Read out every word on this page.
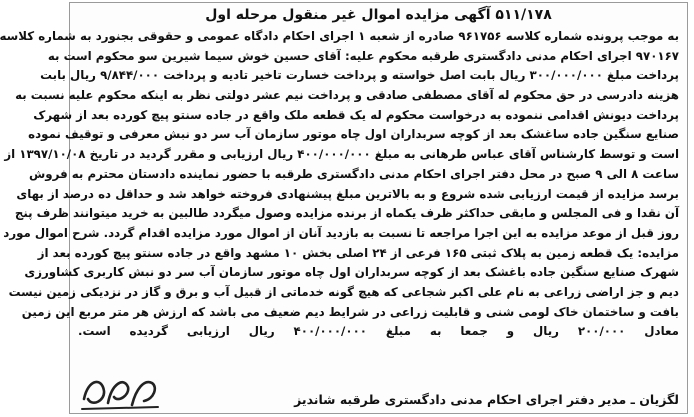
۵۱۱/۱۷۸ آگهی مزایده اموال غیر منقول مرحله اول
به موجب پرونده شماره کلاسه ۹۶۱۷۵۶ صادره از شعبه ۱ اجرای احکام دادگاه عمومی و حقوقی بجنورد به شماره کلاسه
۹۷۰۱۶۷ اجرای احکام مدنی دادگستری طرقبه محکوم علیه: آقای حسین خوش سیما شیرین سو محکوم است به
پرداخت مبلغ ۳۰۰/۰۰۰/۰۰۰ ریال بابت اصل خواسته و پرداخت خسارت تاخیر تادیه و پرداخت ۹/۸۴۴/۰۰۰ ریال بابت
هزینه دادرسی در حق محکوم له آقای مصطفی صادقی و پرداخت نیم عشر دولتی نظر به اینکه محکوم علیه نسبت به
پرداخت دیونش اقدامی ننموده به درخواست محکوم له یک قطعه ملک واقع در جاده سنتو پیچ کورده بعد از شهرک
صنایع سنگین جاده ساغشک بعد از کوچه سربداران اول چاه موتور سازمان آب سر دو نبش معرفی و توقیف نموده
است و توسط کارشناس آقای عباس طرهانی به مبلغ ۴۰۰/۰۰۰/۰۰۰ ریال ارزیابی و مقرر گردید در تاریخ ۱۳۹۷/۱۰/۰۸ از
ساعت ۸ الی ۹ صبح در محل دفتر اجرای احکام مدنی دادگستری طرقبه با حضور نماینده دادستان محترم به فروش
برسد مزایده از قیمت ارزیابی شده شروع و به بالاترین مبلغ پیشنهادی فروخته خواهد شد و حداقل ده درصد از بهای
آن نقدا و فی المجلس و مابقی حداکثر ظرف یکماه از برنده مزایده وصول میگردد طالبین به خرید میتوانند ظرف پنج
روز قبل از موعد مزایده به این اجرا مراجعه تا نسبت به بازدید آنان از اموال مورد مزایده اقدام گردد. شرح اموال مورد
مزایده: یک قطعه زمین به پلاک ثبتی ۱۶۵ فرعی از ۲۴ اصلی بخش ۱۰ مشهد واقع در جاده سنتو پیچ کورده بعد از
شهرک صنایع سنگین جاده باغشک بعد از کوچه سربداران اول چاه موتور سازمان آب سر دو نبش کاربری کشاورزی
دیم و جز اراضی زراعی به نام علی اکبر شجاعی که هیچ گونه خدماتی از قبیل آب و برق و گاز در نزدیکی زمین نیست
بافت و ساختمان خاک لومی شنی و قابلیت زراعی در شرایط دیم ضعیف می باشد که ارزش هر متر مربع این زمین
معادل ۲۰۰/۰۰۰ ریال و جمعا به مبلغ ۴۰۰/۰۰۰/۰۰۰ ریال ارزیابی گردیده است.
لگزیان ـ مدیر دفتر اجرای احکام مدنی دادگستری طرقبه شاندیز
